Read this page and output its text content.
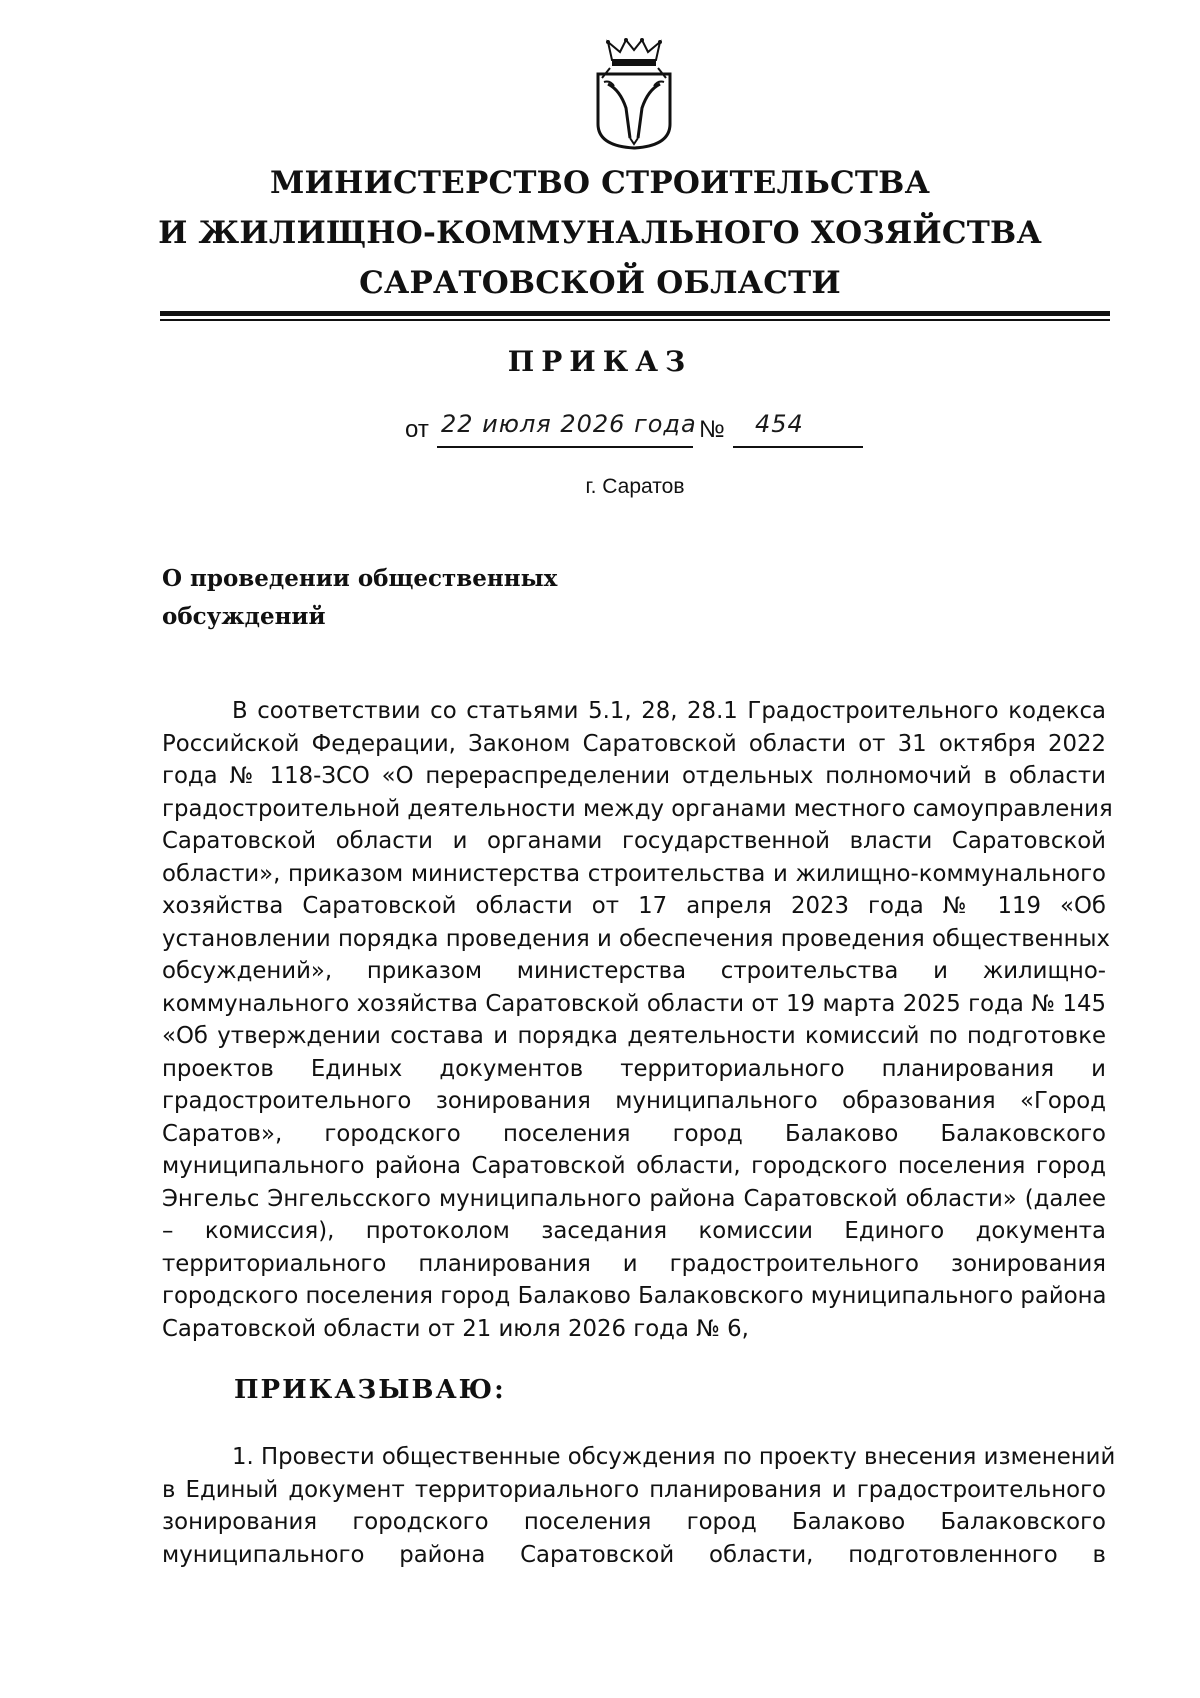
МИНИСТЕРСТВО СТРОИТЕЛЬСТВА
И ЖИЛИЩНО-КОММУНАЛЬНОГО ХОЗЯЙСТВА
САРАТОВСКОЙ ОБЛАСТИ
ПРИКАЗ
от 22 июля 2026 года № 454
г. Саратов
О проведении общественных
обсуждений
В соответствии со статьями 5.1, 28, 28.1 Градостроительного кодекса
Российской Федерации, Законом Саратовской области от 31 октября 2022
года № 118-ЗСО «О перераспределении отдельных полномочий в области
градостроительной деятельности между органами местного самоуправления
Саратовской области и органами государственной власти Саратовской
области», приказом министерства строительства и жилищно-коммунального
хозяйства Саратовской области от 17 апреля 2023 года № 119 «Об
установлении порядка проведения и обеспечения проведения общественных
обсуждений», приказом министерства строительства и жилищно-
коммунального хозяйства Саратовской области от 19 марта 2025 года № 145
«Об утверждении состава и порядка деятельности комиссий по подготовке
проектов Единых документов территориального планирования и
градостроительного зонирования муниципального образования «Город
Саратов», городского поселения город Балаково Балаковского
муниципального района Саратовской области, городского поселения город
Энгельс Энгельсского муниципального района Саратовской области» (далее
– комиссия), протоколом заседания комиссии Единого документа
территориального планирования и градостроительного зонирования
городского поселения город Балаково Балаковского муниципального района
Саратовской области от 21 июля 2026 года № 6,
ПРИКАЗЫВАЮ:
1. Провести общественные обсуждения по проекту внесения изменений
в Единый документ территориального планирования и градостроительного
зонирования городского поселения город Балаково Балаковского
муниципального района Саратовской области, подготовленного в
